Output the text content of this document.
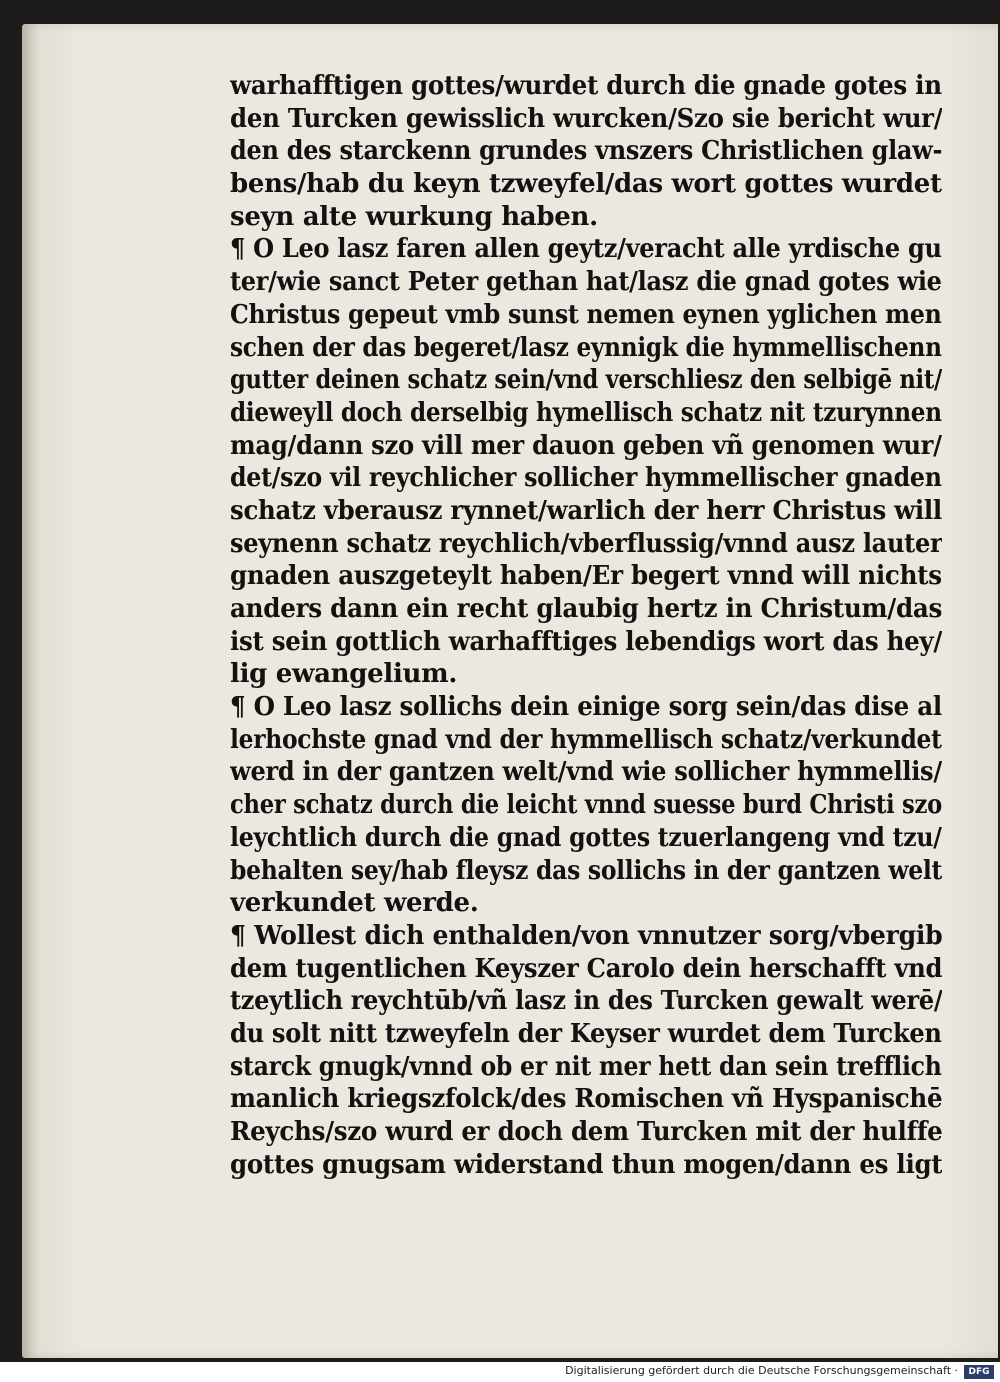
warhafftigen gottes/wurdet durch die gnade gotes in
den Turcken gewisslich wurcken/Szo sie bericht wur/
den des starckenn grundes vnszers Christlichen glaw-
bens/hab du keyn tzweyfel/das wort gottes wurdet
seyn alte wurkung haben.
¶ O Leo lasz faren allen geytz/veracht alle yrdische gu
ter/wie sanct Peter gethan hat/lasz die gnad gotes wie
Christus gepeut vmb sunst nemen eynen yglichen men
schen der das begeret/lasz eynnigk die hymmellischenn
gutter deinen schatz sein/vnd verschliesz den selbigē nit/
dieweyll doch derselbig hymellisch schatz nit tzurynnen
mag/dann szo vill mer dauon geben vñ genomen wur/
det/szo vil reychlicher sollicher hymmellischer gnaden
schatz vberausz rynnet/warlich der herr Christus will
seynenn schatz reychlich/vberflussig/vnnd ausz lauter
gnaden auszgeteylt haben/Er begert vnnd will nichts
anders dann ein recht glaubig hertz in Christum/das
ist sein gottlich warhafftiges lebendigs wort das hey/
lig ewangelium.
¶ O Leo lasz sollichs dein einige sorg sein/das dise al
lerhochste gnad vnd der hymmellisch schatz/verkundet
werd in der gantzen welt/vnd wie sollicher hymmellis/
cher schatz durch die leicht vnnd suesse burd Christi szo
leychtlich durch die gnad gottes tzuerlangeng vnd tzu/
behalten sey/hab fleysz das sollichs in der gantzen welt
verkundet werde.
¶ Wollest dich enthalden/von vnnutzer sorg/vbergib
dem tugentlichen Keyszer Carolo dein herschafft vnd
tzeytlich reychtūb/vñ lasz in des Turcken gewalt werē/
du solt nitt tzweyfeln der Keyser wurdet dem Turcken
starck gnugk/vnnd ob er nit mer hett dan sein trefflich
manlich kriegszfolck/des Romischen vñ Hyspanischē
Reychs/szo wurd er doch dem Turcken mit der hulffe
gottes gnugsam widerstand thun mogen/dann es ligt
Digitalisierung gefördert durch die Deutsche Forschungsgemeinschaft ·	DFG
